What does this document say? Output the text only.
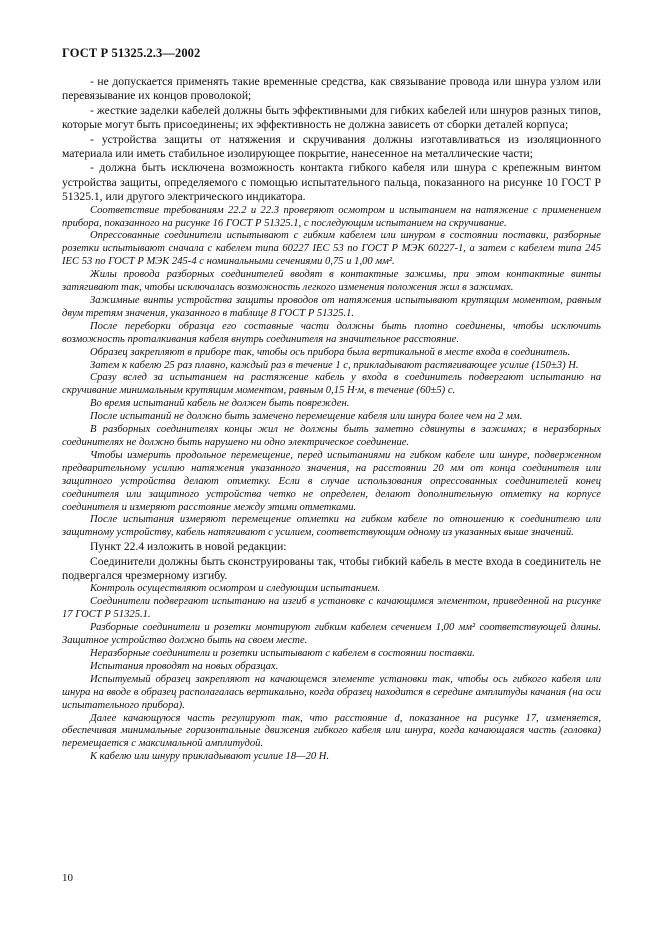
ГОСТ Р 51325.2.3—2002

- не допускается применять такие временные средства, как связывание провода или шнура узлом или перевязывание их концов проволокой;

- жесткие заделки кабелей должны быть эффективными для гибких кабелей или шнуров разных типов, которые могут быть присоединены; их эффективность не должна зависеть от сборки деталей корпуса;

- устройства защиты от натяжения и скручивания должны изготавливаться из изоляционного материала или иметь стабильное изолирующее покрытие, нанесенное на металлические части;

- должна быть исключена возможность контакта гибкого кабеля или шнура с крепежным винтом устройства защиты, определяемого с помощью испытательного пальца, показанного на рисунке 10 ГОСТ Р 51325.1, или другого электрического индикатора.

Соответствие требованиям 22.2 и 22.3 проверяют осмотром и испытанием на натяжение с применением прибора, показанного на рисунке 16 ГОСТ Р 51325.1, с последующим испытанием на скручивание.

Опрессованные соединители испытывают с гибким кабелем или шнуром в состоянии поставки, разборные розетки испытывают сначала с кабелем типа 60227 IEC 53 по ГОСТ Р МЭК 60227-1, а затем с кабелем типа 245 IEC 53 по ГОСТ Р МЭК 245-4 с номинальными сечениями 0,75 и 1,00 мм².

Жилы провода разборных соединителей вводят в контактные зажимы, при этом контактные винты затягивают так, чтобы исключалась возможность легкого изменения положения жил в зажимах.

Зажимные винты устройства защиты проводов от натяжения испытывают крутящим моментом, равным двум третям значения, указанного в таблице 8 ГОСТ Р 51325.1.

После переборки образца его составные части должны быть плотно соединены, чтобы исключить возможность проталкивания кабеля внутрь соединителя на значительное расстояние.

Образец закрепляют в приборе так, чтобы ось прибора была вертикальной в месте входа в соединитель.

Затем к кабелю 25 раз плавно, каждый раз в течение 1 с, прикладывают растягивающее усилие (150±3) Н.

Сразу вслед за испытанием на растяжение кабель у входа в соединитель подвергают испытанию на скручивание минимальным крутящим моментом, равным 0,15 Н·м, в течение (60±5) с.

Во время испытаний кабель не должен быть поврежден.

После испытаний не должно быть замечено перемещение кабеля или шнура более чем на 2 мм.

В разборных соединителях концы жил не должны быть заметно сдвинуты в зажимах; в неразборных соединителях не должно быть нарушено ни одно электрическое соединение.

Чтобы измерить продольное перемещение, перед испытаниями на гибком кабеле или шнуре, подверженном предварительному усилию натяжения указанного значения, на расстоянии 20 мм от конца соединителя или защитного устройства делают отметку. Если в случае использования опрессованных соединителей конец соединителя или защитного устройства четко не определен, делают дополнительную отметку на корпусе соединителя и измеряют расстояние между этими отметками.

После испытания измеряют перемещение отметки на гибком кабеле по отношению к соединителю или защитному устройству, кабель натягивают с усилием, соответствующим одному из указанных выше значений.

Пункт 22.4 изложить в новой редакции:

Соединители должны быть сконструированы так, чтобы гибкий кабель в месте входа в соединитель не подвергался чрезмерному изгибу.

Контроль осуществляют осмотром и следующим испытанием.

Соединители подвергают испытанию на изгиб в установке с качающимся элементом, приведенной на рисунке 17 ГОСТ Р 51325.1.

Разборные соединители и розетки монтируют гибким кабелем сечением 1,00 мм² соответствующей длины. Защитное устройство должно быть на своем месте.

Неразборные соединители и розетки испытывают с кабелем в состоянии поставки.

Испытания проводят на новых образцах.

Испытуемый образец закрепляют на качающемся элементе установки так, чтобы ось гибкого кабеля или шнура на вводе в образец располагалась вертикально, когда образец находится в середине амплитуды качания (на оси испытательного прибора).

Далее качающуюся часть регулируют так, что расстояние d, показанное на рисунке 17, изменяется, обеспечивая минимальные горизонтальные движения гибкого кабеля или шнура, когда качающаяся часть (головка) перемещается с максимальной амплитудой.

К кабелю или шнуру прикладывают усилие 18—20 Н.

10
